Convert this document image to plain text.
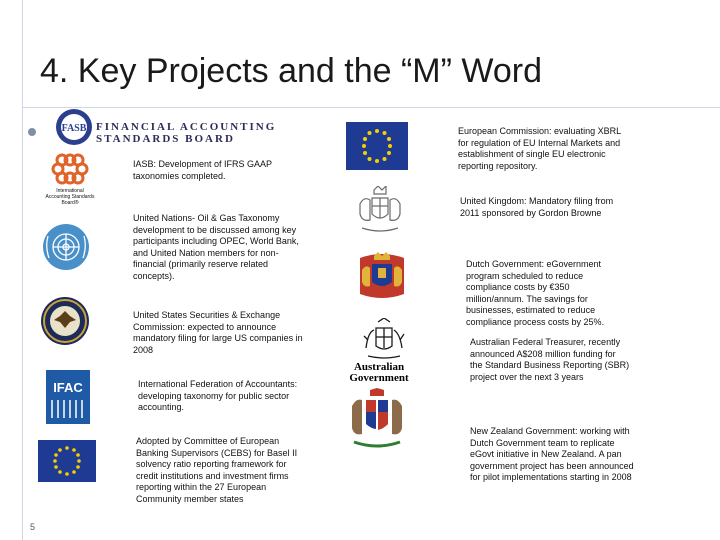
4. Key Projects and the “M” Word
FASB FINANCIAL ACCOUNTING
STANDARDS BOARD
International
Accounting Standards
Board®
IFAC
Australian
Government
IASB: Development of IFRS GAAP taxonomies completed.
United Nations- Oil & Gas Taxonomy development to be discussed among key participants including OPEC, World Bank, and United Nation members for non-financial (primarily reserve related concepts).
United States Securities & Exchange Commission: expected to announce mandatory filing for large US companies in 2008
International Federation of Accountants: developing taxonomy for public sector accounting.
Adopted by Committee of European Banking Supervisors (CEBS) for Basel II solvency ratio reporting framework for credit institutions and investment firms reporting within the 27 European Community member states
European Commission: evaluating XBRL for regulation of EU Internal Markets and establishment of single EU electronic reporting repository.
United Kingdom: Mandatory filing from 2011 sponsored by Gordon Browne
Dutch Government: eGovernment program scheduled to reduce compliance costs by €350 million/annum. The savings for businesses, estimated to reduce compliance process costs by 25%.
Australian Federal Treasurer, recently announced A$208 million funding for the Standard Business Reporting (SBR) project over the next 3 years
New Zealand Government: working with Dutch Government team to replicate eGovt initiative in New Zealand. A pan government project has been announced for pilot implementations starting in 2008
5
